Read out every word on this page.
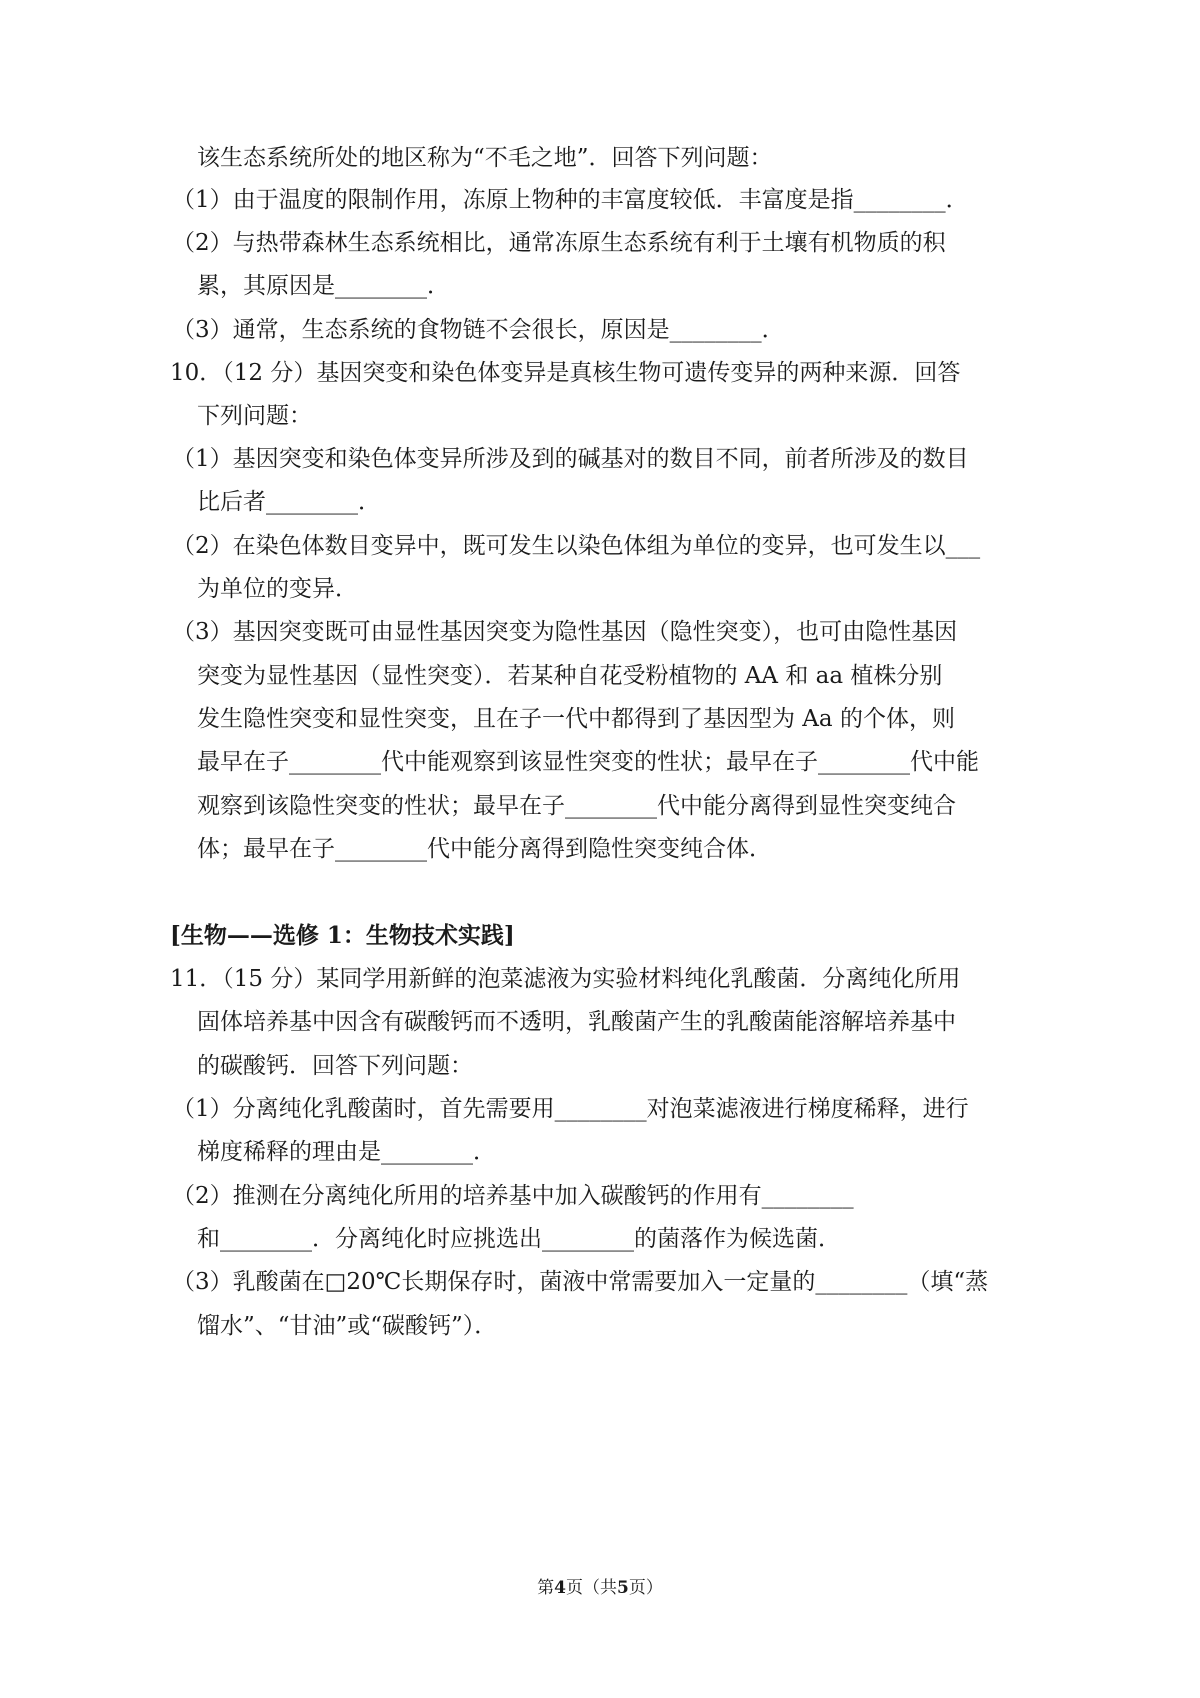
该生态系统所处的地区称为“不毛之地”．回答下列问题：
（1）由于温度的限制作用，冻原上物种的丰富度较低．丰富度是指________．
（2）与热带森林生态系统相比，通常冻原生态系统有利于土壤有机物质的积
累，其原因是________．
（3）通常，生态系统的食物链不会很长，原因是________．
10．（12 分）基因突变和染色体变异是真核生物可遗传变异的两种来源．回答
下列问题：
（1）基因突变和染色体变异所涉及到的碱基对的数目不同，前者所涉及的数目
比后者________．
（2）在染色体数目变异中，既可发生以染色体组为单位的变异，也可发生以___
为单位的变异．
（3）基因突变既可由显性基因突变为隐性基因（隐性突变），也可由隐性基因
突变为显性基因（显性突变）．若某种自花受粉植物的 AA 和 aa 植株分别
发生隐性突变和显性突变，且在子一代中都得到了基因型为 Aa 的个体，则
最早在子________代中能观察到该显性突变的性状；最早在子________代中能
观察到该隐性突变的性状；最早在子________代中能分离得到显性突变纯合
体；最早在子________代中能分离得到隐性突变纯合体．
[生物——选修 1：生物技术实践]
11．（15 分）某同学用新鲜的泡菜滤液为实验材料纯化乳酸菌．分离纯化所用
固体培养基中因含有碳酸钙而不透明，乳酸菌产生的乳酸菌能溶解培养基中
的碳酸钙．回答下列问题：
（1）分离纯化乳酸菌时，首先需要用________对泡菜滤液进行梯度稀释，进行
梯度稀释的理由是________．
（2）推测在分离纯化所用的培养基中加入碳酸钙的作用有________
和________．分离纯化时应挑选出________的菌落作为候选菌．
（3）乳酸菌在□20℃长期保存时，菌液中常需要加入一定量的________（填“蒸
馏水”、“甘油”或“碳酸钙”）．
第4页（共5页）
